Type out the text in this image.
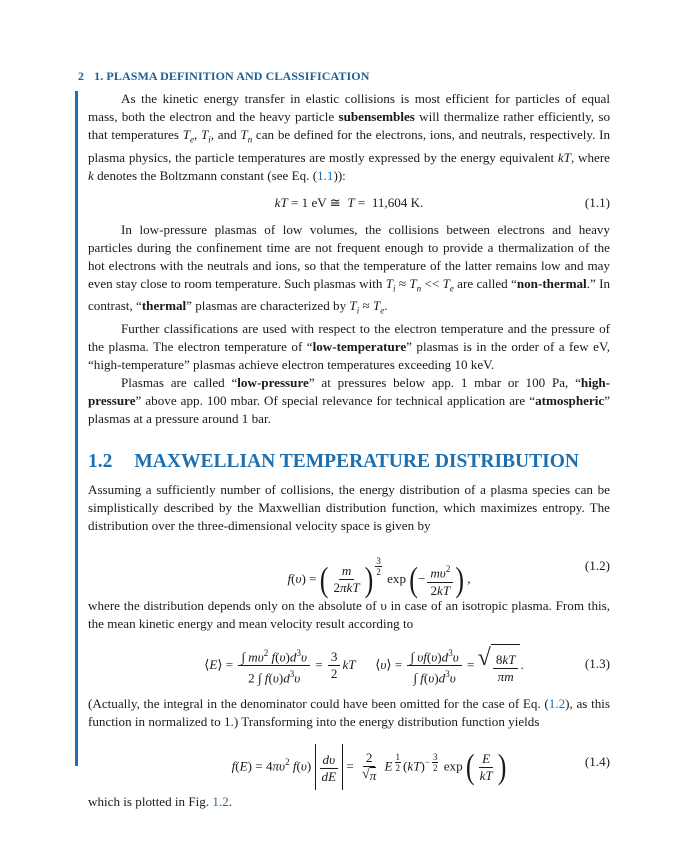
2 1. PLASMA DEFINITION AND CLASSIFICATION

As the kinetic energy transfer in elastic collisions is most efficient for particles of equal mass, both the electron and the heavy particle subensembles will thermalize rather efficiently, so that temperatures $T_e$, $T_i$, and $T_n$ can be defined for the electrons, ions, and neutrals, respectively. In plasma physics, the particle temperatures are mostly expressed by the energy equivalent kT, where k denotes the Boltzmann constant (see Eq. (1.1)):

kT = 1 eV ≅  T =  11,604 K.	(1.1)

In low-pressure plasmas of low volumes, the collisions between electrons and heavy particles during the confinement time are not frequent enough to provide a thermalization of the hot electrons with the neutrals and ions, so that the temperature of the latter remains low and may even stay close to room temperature. Such plasmas with $T_i \approx T_n << T_e$ are called “non-thermal.” In contrast, “thermal” plasmas are characterized by $T_i \approx T_e$.

Further classifications are used with respect to the electron temperature and the pressure of the plasma. The electron temperature of “low-temperature” plasmas is in the order of a few eV, “high-temperature” plasmas achieve electron temperatures exceeding 10 keV.

Plasmas are called “low-pressure” at pressures below app. 1 mbar or 100 Pa, “high-pressure” above app. 100 mbar. Of special relevance for technical application are “atmospheric” plasmas at a pressure around 1 bar.

1.2 MAXWELLIAN TEMPERATURE DISTRIBUTION

Assuming a sufficiently number of collisions, the energy distribution of a plasma species can be simplistically described by the Maxwellian distribution function, which maximizes entropy. The distribution over the three-dimensional velocity space is given by

f(υ) = ( $\frac{m}{\text{2πkT}}$ ) $^{\frac{3}{2}}$
exp (− $\frac{m\upsilon^2}{2kT}$ ) ,
(1.2)

where the distribution depends only on the absolute of υ in case of an isotropic plasma. From this, the mean kinetic energy and mean velocity result according to

⟨E⟩ = $\frac{\int m\upsilon^2 f(\upsilon)d^3\upsilon}{2 \int f(\upsilon)d^3\upsilon} = \frac{3}{2}$ kT      ⟨υ⟩ = $\frac{\int \upsilon f(\upsilon)d^3\upsilon}{\int f(\upsilon)d^3\upsilon}$ = √ $\frac{8kT}{\pi m}$ .	(1.3)

(Actually, the integral in the denominator could have been omitted for the case of Eq. (1.2), as this function in normalized to 1.) Transforming into the energy distribution function yields

$f(E) = 4\pi\upsilon^2$ $f(\upsilon) \frac{d\upsilon}{dE} = \frac{2}{√ \pi}$ E $^{\frac{1}{2}}$ (kT)$^{- \frac{3}{2}}$ exp ( $\frac{E}{kT}$ )	(1.4)

which is plotted in Fig. 1.2.
